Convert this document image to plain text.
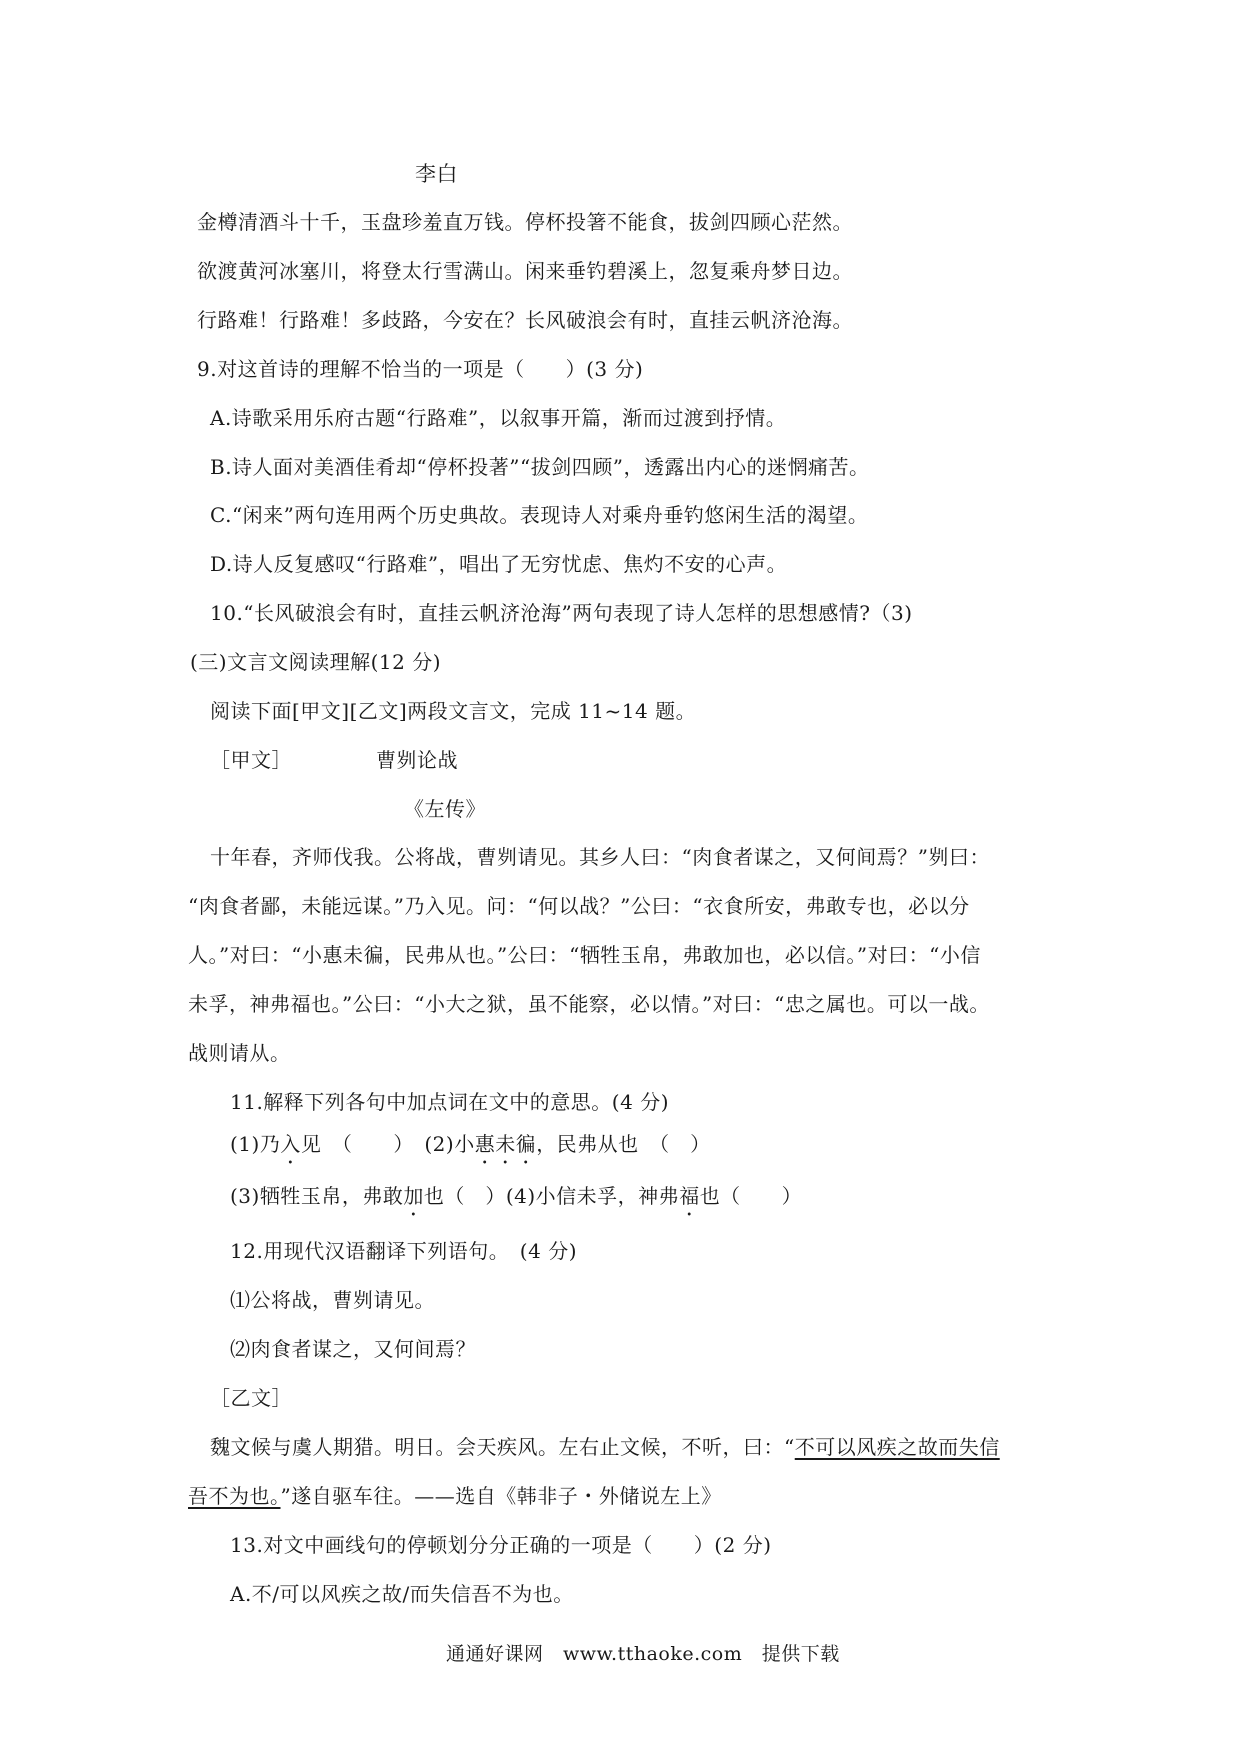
李白
金樽清酒斗十千，玉盘珍羞直万钱。停杯投箸不能食，拔剑四顾心茫然。
欲渡黄河冰塞川，将登太行雪满山。闲来垂钓碧溪上，忽复乘舟梦日边。
行路难！行路难！多歧路，今安在？长风破浪会有时，直挂云帆济沧海。
9.对这首诗的理解不恰当的一项是（　　）(3 分)
A.诗歌采用乐府古题“行路难”，以叙事开篇，渐而过渡到抒情。
B.诗人面对美酒佳肴却“停杯投著”“拔剑四顾”，透露出内心的迷惘痛苦。
C.“闲来”两句连用两个历史典故。表现诗人对乘舟垂钓悠闲生活的渴望。
D.诗人反复感叹“行路难”，唱出了无穷忧虑、焦灼不安的心声。
10.“长风破浪会有时，直挂云帆济沧海”两句表现了诗人怎样的思想感情?（3)
(三)文言文阅读理解(12 分)
阅读下面[甲文][乙文]两段文言文，完成 11~14 题。
［甲文］	曹刿论战
《左传》
十年春，齐师伐我。公将战，曹刿请见。其乡人曰：“肉食者谋之，又何间焉？”刿曰：
“肉食者鄙，未能远谋。”乃入见。问：“何以战？”公曰：“衣食所安，弗敢专也，必以分
人。”对曰：“小惠未徧，民弗从也。”公曰：“牺牲玉帛，弗敢加也，必以信。”对曰：“小信
未孚，神弗福也。”公曰：“小大之狱，虽不能察，必以情。”对曰：“忠之属也。可以一战。
战则请从。
11.解释下列各句中加点词在文中的意思。(4 分)
(1)乃入见　（　　）　(2)小惠未徧，民弗从也　（　）
(3)牺牲玉帛，弗敢加也（　）(4)小信未孚，神弗福也（　　）
12.用现代汉语翻译下列语句。　(4 分)
⑴公将战，曹刿请见。
⑵肉食者谋之，又何间焉？
［乙文］
魏文候与虞人期猎。明日。会天疾风。左右止文候，不听，曰：“不可以风疾之故而失信
吾不为也。”遂自驱车往。——选自《韩非子・外储说左上》
13.对文中画线句的停顿划分分正确的一项是（　　）(2 分)
A.不/可以风疾之故/而失信吾不为也。
通通好课网　www.tthaoke.com　提供下载
